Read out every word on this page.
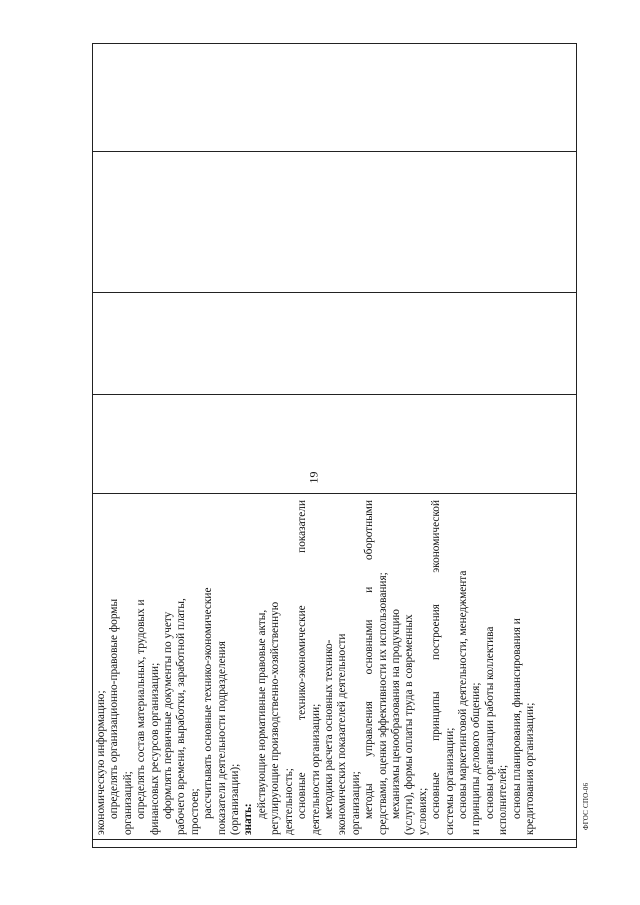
19
экономическую информацию; определять организационно-правовые формы организаций; определять состав материальных, трудовых и финансовых ресурсов организации; оформлять первичные документы по учету рабочего времени, выработки, заработной платы, простоев; рассчитывать основные технико-экономические показатели деятельности подразделения (организации); знать:
действующие нормативные правовые акты, регулирующие производственно-хозяйственную деятельность; основные технико-экономические показатели деятельности организации; методики расчета основных технико- экономических показателей деятельности организации; методы управления основными и оборотными средствами, оценки эффективности их использования; механизмы ценообразования на продукцию (услуги), формы оплаты труда в современных условиях; основные принципы построения экономической системы организации; основы маркетинговой деятельности, менеджмента и принципы делового общения; основы организации работы коллектива исполнителей; основы планирования, финансирования и кредитования организации;	ФГОС СПО-06
